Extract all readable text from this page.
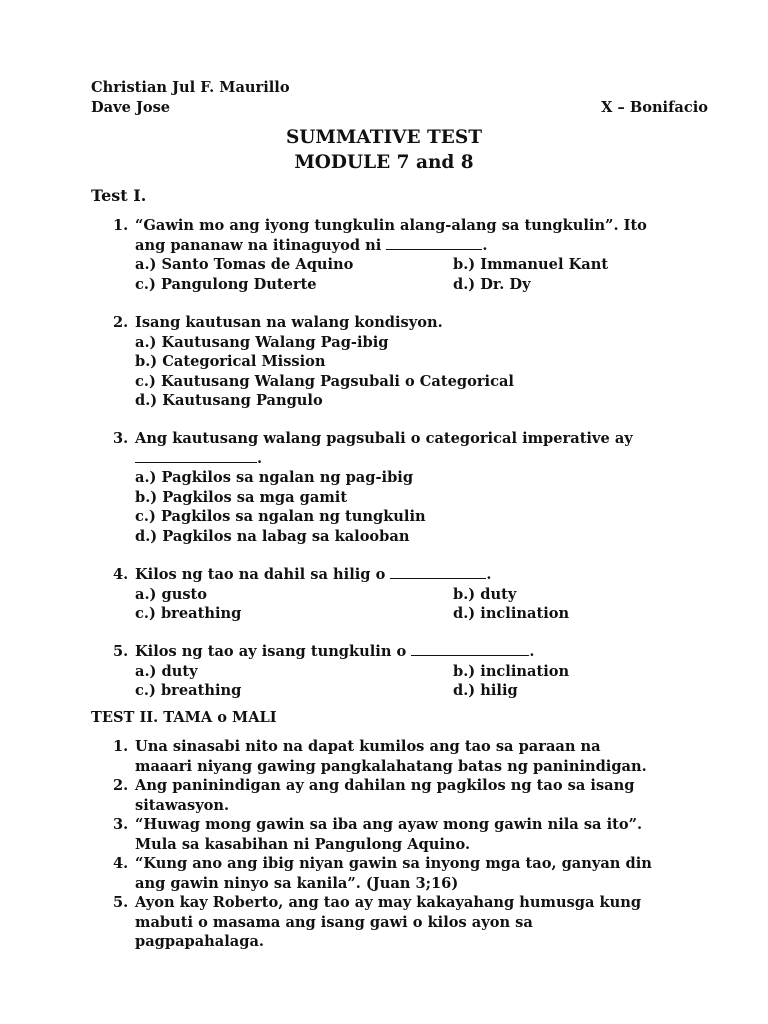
Christian Jul F. Maurillo
Dave Jose	X – Bonifacio
SUMMATIVE TEST
MODULE 7 and 8
Test I.
1. “Gawin mo ang iyong tungkulin alang-alang sa tungkulin”. Ito
ang pananaw na itinaguyod ni	.
a.) Santo Tomas de Aquino	b.) Immanuel Kant
c.) Pangulong Duterte	d.) Dr. Dy
2. Isang kautusan na walang kondisyon.
a.) Kautusang Walang Pag-ibig
b.) Categorical Mission
c.) Kautusang Walang Pagsubali o Categorical
d.) Kautusang Pangulo
3. Ang kautusang walang pagsubali o categorical imperative ay
.
a.) Pagkilos sa ngalan ng pag-ibig
b.) Pagkilos sa mga gamit
c.) Pagkilos sa ngalan ng tungkulin
d.) Pagkilos na labag sa kalooban
4. Kilos ng tao na dahil sa hilig o	.
a.) gusto	b.) duty
c.) breathing	d.) inclination
5. Kilos ng tao ay isang tungkulin o	.
a.) duty	b.) inclination
c.) breathing	d.) hilig
TEST II. TAMA o MALI
1. Una sinasabi nito na dapat kumilos ang tao sa paraan na
maaari niyang gawing pangkalahatang batas ng paninindigan.
2. Ang paninindigan ay ang dahilan ng pagkilos ng tao sa isang
sitawasyon.
3. “Huwag mong gawin sa iba ang ayaw mong gawin nila sa ito”.
Mula sa kasabihan ni Pangulong Aquino.
4. “Kung ano ang ibig niyan gawin sa inyong mga tao, ganyan din
ang gawin ninyo sa kanila”. (Juan 3;16)
5. Ayon kay Roberto, ang tao ay may kakayahang humusga kung
mabuti o masama ang isang gawi o kilos ayon sa
pagpapahalaga.
